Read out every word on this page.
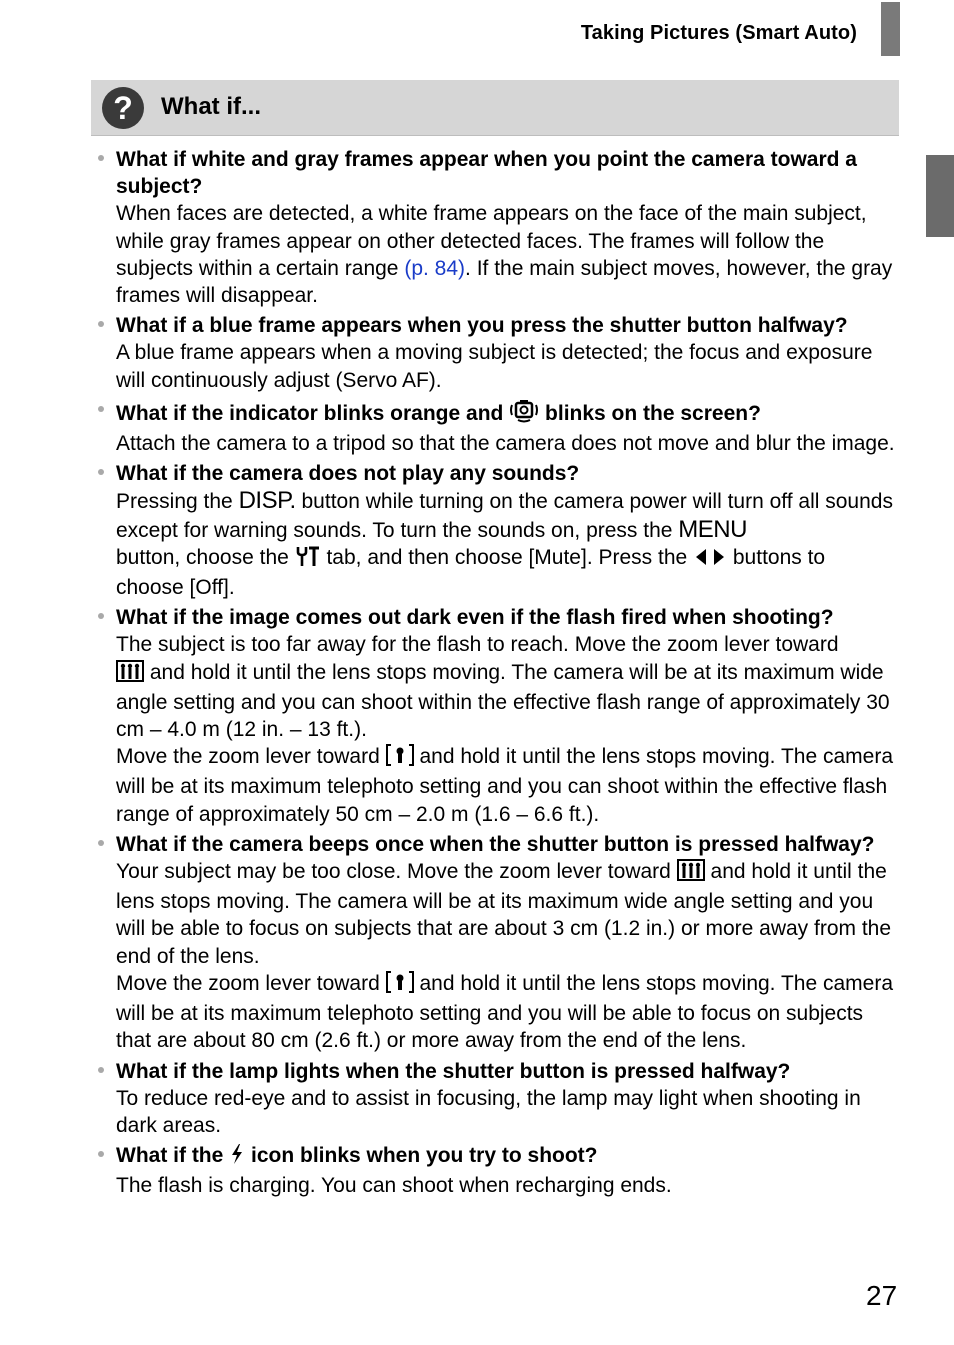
Taking Pictures (Smart Auto)
?	What if...
What if white and gray frames appear when you point the camera toward a subject?
When faces are detected, a white frame appears on the face of the main subject, while gray frames appear on other detected faces. The frames will follow the subjects within a certain range (p. 84). If the main subject moves, however, the gray frames will disappear.
What if a blue frame appears when you press the shutter button halfway?
A blue frame appears when a moving subject is detected; the focus and exposure will continuously adjust (Servo AF).
What if the indicator blinks orange and  blinks on the screen?
Attach the camera to a tripod so that the camera does not move and blur the image.
What if the camera does not play any sounds?
Pressing the DISP. button while turning on the camera power will turn off all sounds except for warning sounds. To turn the sounds on, press the MENU
button, choose the  tab, and then choose [Mute]. Press the  buttons to choose [Off].
What if the image comes out dark even if the flash fired when shooting?
The subject is too far away for the flash to reach. Move the zoom lever toward
and hold it until the lens stops moving. The camera will be at its maximum wide angle setting and you can shoot within the effective flash range of approximately 30 cm – 4.0 m (12 in. – 13 ft.).
Move the zoom lever toward  and hold it until the lens stops moving. The camera will be at its maximum telephoto setting and you can shoot within the effective flash range of approximately 50 cm – 2.0 m (1.6 – 6.6 ft.).
What if the camera beeps once when the shutter button is pressed halfway?
Your subject may be too close. Move the zoom lever toward  and hold it until the lens stops moving. The camera will be at its maximum wide angle setting and you will be able to focus on subjects that are about 3 cm (1.2 in.) or more away from the end of the lens.
Move the zoom lever toward  and hold it until the lens stops moving. The camera will be at its maximum telephoto setting and you will be able to focus on subjects that are about 80 cm (2.6 ft.) or more away from the end of the lens.
What if the lamp lights when the shutter button is pressed halfway?
To reduce red-eye and to assist in focusing, the lamp may light when shooting in dark areas.
What if the  icon blinks when you try to shoot?
The flash is charging. You can shoot when recharging ends.
27
